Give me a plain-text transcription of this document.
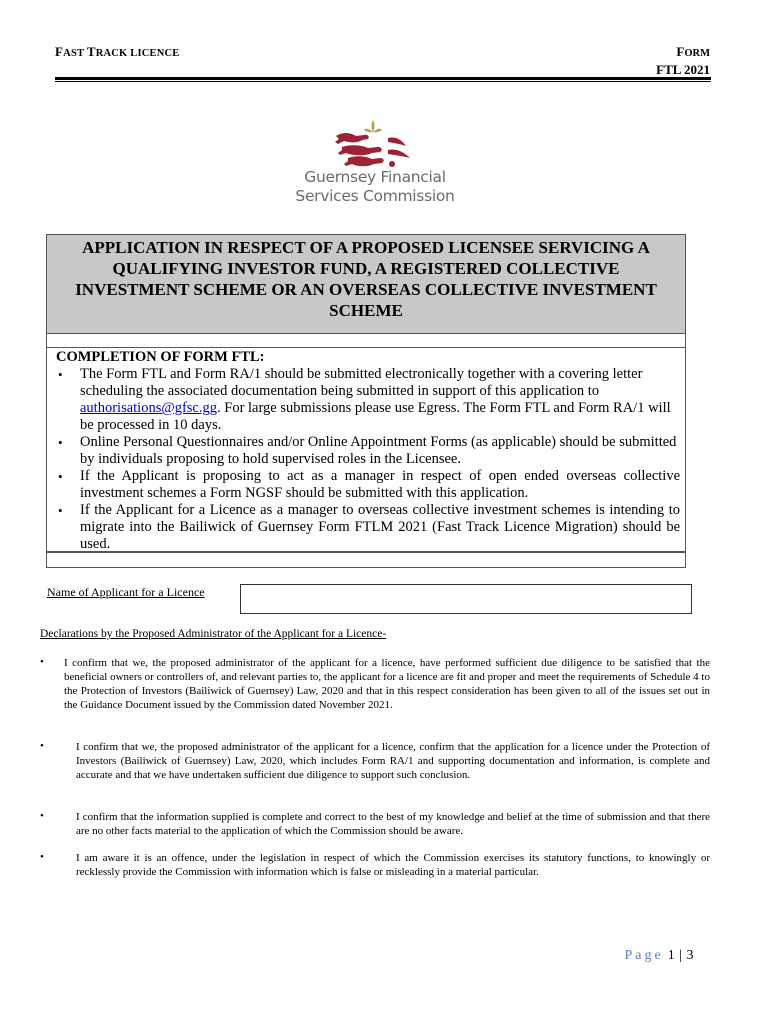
FAST TRACK LICENCE	FORM
FTL 2021
Guernsey Financial
Services Commission
APPLICATION IN RESPECT OF A PROPOSED LICENSEE SERVICING A QUALIFYING INVESTOR FUND, A REGISTERED COLLECTIVE INVESTMENT SCHEME OR AN OVERSEAS COLLECTIVE INVESTMENT SCHEME
COMPLETION OF FORM FTL:
• The Form FTL and Form RA/1 should be submitted electronically together with a covering letter scheduling the associated documentation being submitted in support of this application to authorisations@gfsc.gg. For large submissions please use Egress. The Form FTL and Form RA/1 will be processed in 10 days.
• Online Personal Questionnaires and/or Online Appointment Forms (as applicable) should be submitted by individuals proposing to hold supervised roles in the Licensee.
• If the Applicant is proposing to act as a manager in respect of open ended overseas collective investment schemes a Form NGSF should be submitted with this application.
• If the Applicant for a Licence as a manager to overseas collective investment schemes is intending to migrate into the Bailiwick of Guernsey Form FTLM 2021 (Fast Track Licence Migration) should be used.
Name of Applicant for a Licence
Declarations by the Proposed Administrator of the Applicant for a Licence-
• I confirm that we, the proposed administrator of the applicant for a licence, have performed sufficient due diligence to be satisfied that the beneficial owners or controllers of, and relevant parties to, the applicant for a licence are fit and proper and meet the requirements of Schedule 4 to the Protection of Investors (Bailiwick of Guernsey) Law, 2020 and that in this respect consideration has been given to all of the issues set out in the Guidance Document issued by the Commission dated November 2021.
•	I confirm that we, the proposed administrator of the applicant for a licence, confirm that the application for a licence under the Protection of Investors (Bailiwick of Guernsey) Law, 2020, which includes Form RA/1 and supporting documentation and information, is complete and accurate and that we have undertaken sufficient due diligence to support such conclusion.
•	I confirm that the information supplied is complete and correct to the best of my knowledge and belief at the time of submission and that there are no other facts material to the application of which the Commission should be aware.
•	I am aware it is an offence, under the legislation in respect of which the Commission exercises its statutory functions, to knowingly or recklessly provide the Commission with information which is false or misleading in a material particular.
Page 1 | 3
